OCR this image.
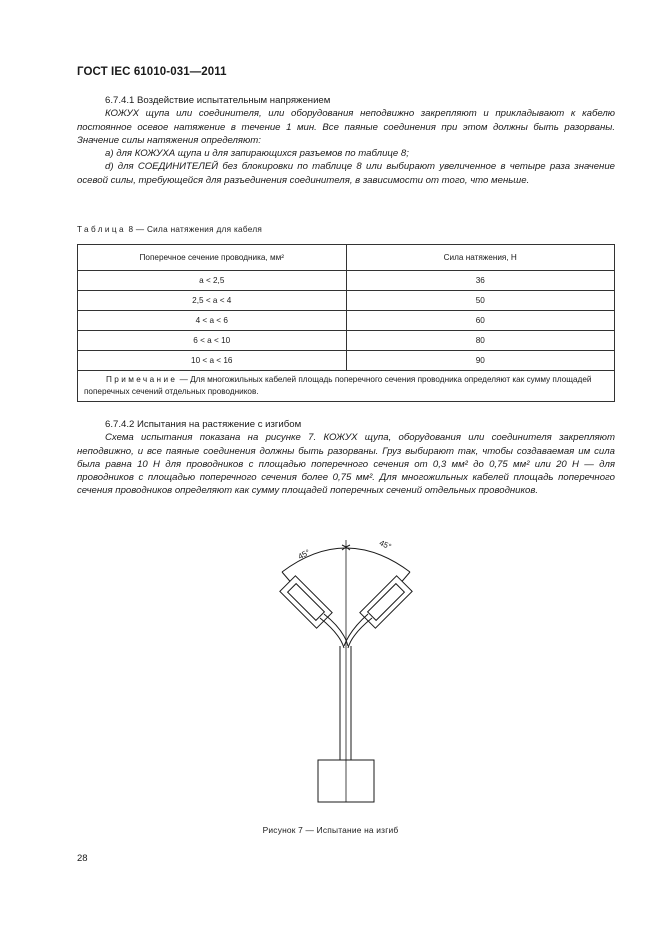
ГОСТ IEC 61010-031—2011
6.7.4.1 Воздействие испытательным напряжением
КОЖУХ щупа или соединителя, или оборудования неподвижно закрепляют и прикладывают к кабелю постоянное осевое натяжение в течение 1 мин. Все паяные соединения при этом должны быть разорваны. Значение силы натяжения определяют:
а) для КОЖУХА щупа и для запирающихся разъемов по таблице 8;
d) для СОЕДИНИТЕЛЕЙ без блокировки по таблице 8 или выбирают увеличенное в четыре раза значение осевой силы, требующейся для разъединения соединителя, в зависимости от того, что меньше.
Таблица 8 — Сила натяжения для кабеля
Поперечное сечение проводника, мм²	Сила натяжения, Н
a < 2,5	36
2,5 < a < 4	50
4 < a < 6	60
6 < a < 10	80
10 < a < 16	90
Примечание — Для многожильных кабелей площадь поперечного сечения проводника определяют как сумму площадей поперечных сечений отдельных проводников.	
6.7.4.2 Испытания на растяжение с изгибом
Схема испытания показана на рисунке 7. КОЖУХ щупа, оборудования или соединителя закрепляют неподвижно, и все паяные соединения должны быть разорваны. Груз выбирают так, чтобы создаваемая им сила была равна 10 Н для проводников с площадью поперечного сечения от 0,3 мм² до 0,75 мм² или 20 Н — для проводников с площадью поперечного сечения более 0,75 мм². Для многожильных кабелей площадь поперечного сечения проводников определяют как сумму площадей поперечных сечений отдельных проводников.
45°
45°
Рисунок 7 — Испытание на изгиб
28
